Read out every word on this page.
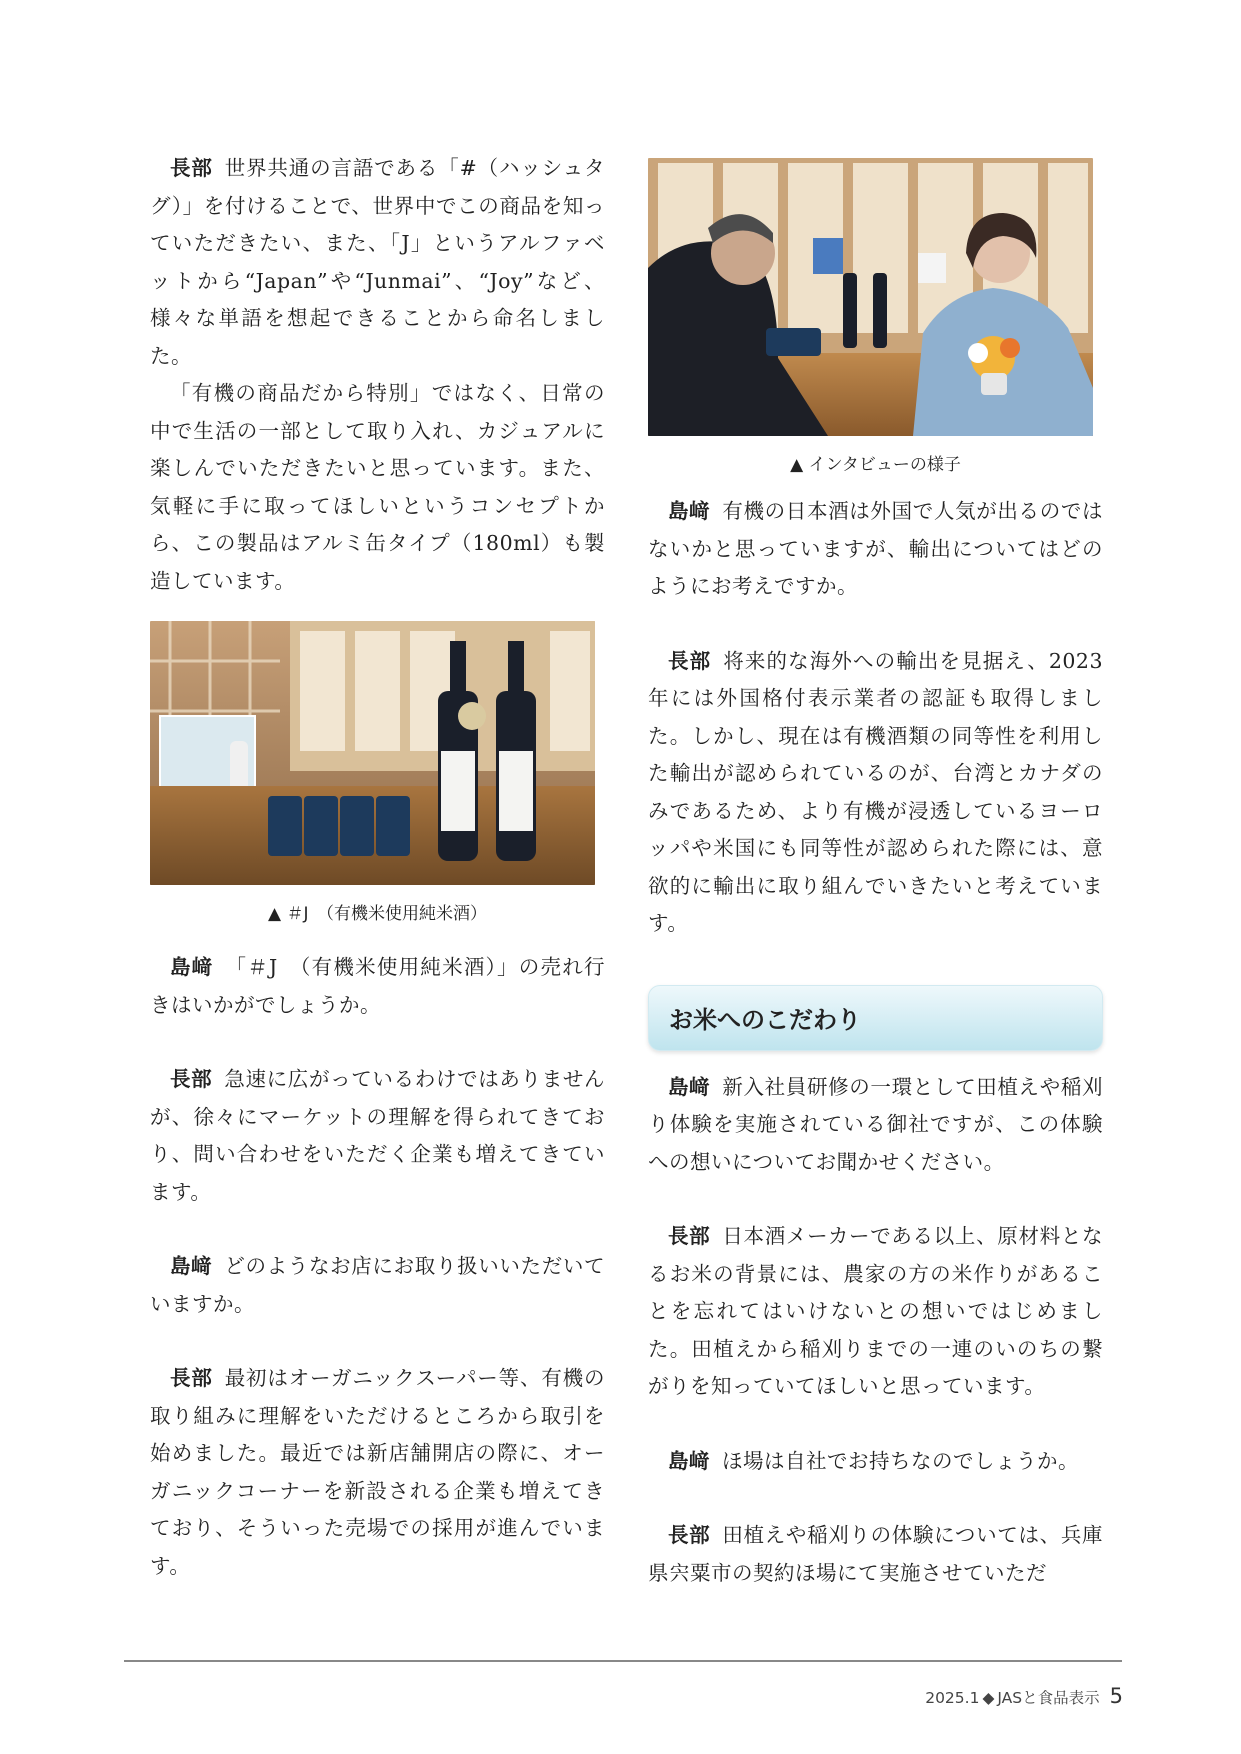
長部 世界共通の言語である「#（ハッシュタグ）」を付けることで、世界中でこの商品を知っていただきたい、また、「J」というアルファベットから“Japan”や“Junmai”、“Joy”など、様々な単語を想起できることから命名しました。

「有機の商品だから特別」ではなく、日常の中で生活の一部として取り入れ、カジュアルに楽しんでいただきたいと思っています。また、気軽に手に取ってほしいというコンセプトから、この製品はアルミ缶タイプ（180ml）も製造しています。

▲ ＃J　（有機米使用純米酒）

島﨑 「＃J　（有機米使用純米酒）」の売れ行きはいかがでしょうか。

長部 急速に広がっているわけではありませんが、徐々にマーケットの理解を得られてきており、問い合わせをいただく企業も増えてきています。

島﨑 どのようなお店にお取り扱いいただいていますか。

長部 最初はオーガニックスーパー等、有機の取り組みに理解をいただけるところから取引を始めました。最近では新店舗開店の際に、オーガニックコーナーを新設される企業も増えてきており、そういった売場での採用が進んでいます。

▲ インタビューの様子

島﨑 有機の日本酒は外国で人気が出るのではないかと思っていますが、輸出についてはどのようにお考えですか。

長部 将来的な海外への輸出を見据え、2023年には外国格付表示業者の認証も取得しました。しかし、現在は有機酒類の同等性を利用した輸出が認められているのが、台湾とカナダのみであるため、より有機が浸透しているヨーロッパや米国にも同等性が認められた際には、意欲的に輸出に取り組んでいきたいと考えています。

お米へのこだわり

島﨑 新入社員研修の一環として田植えや稲刈り体験を実施されている御社ですが、この体験への想いについてお聞かせください。

長部 日本酒メーカーである以上、原材料となるお米の背景には、農家の方の米作りがあることを忘れてはいけないとの想いではじめました。田植えから稲刈りまでの一連のいのちの繋がりを知っていてほしいと思っています。

島﨑 ほ場は自社でお持ちなのでしょうか。

長部 田植えや稲刈りの体験については、兵庫県宍粟市の契約ほ場にて実施させていただ

2025.1 ◆ JASと食品表示 5
